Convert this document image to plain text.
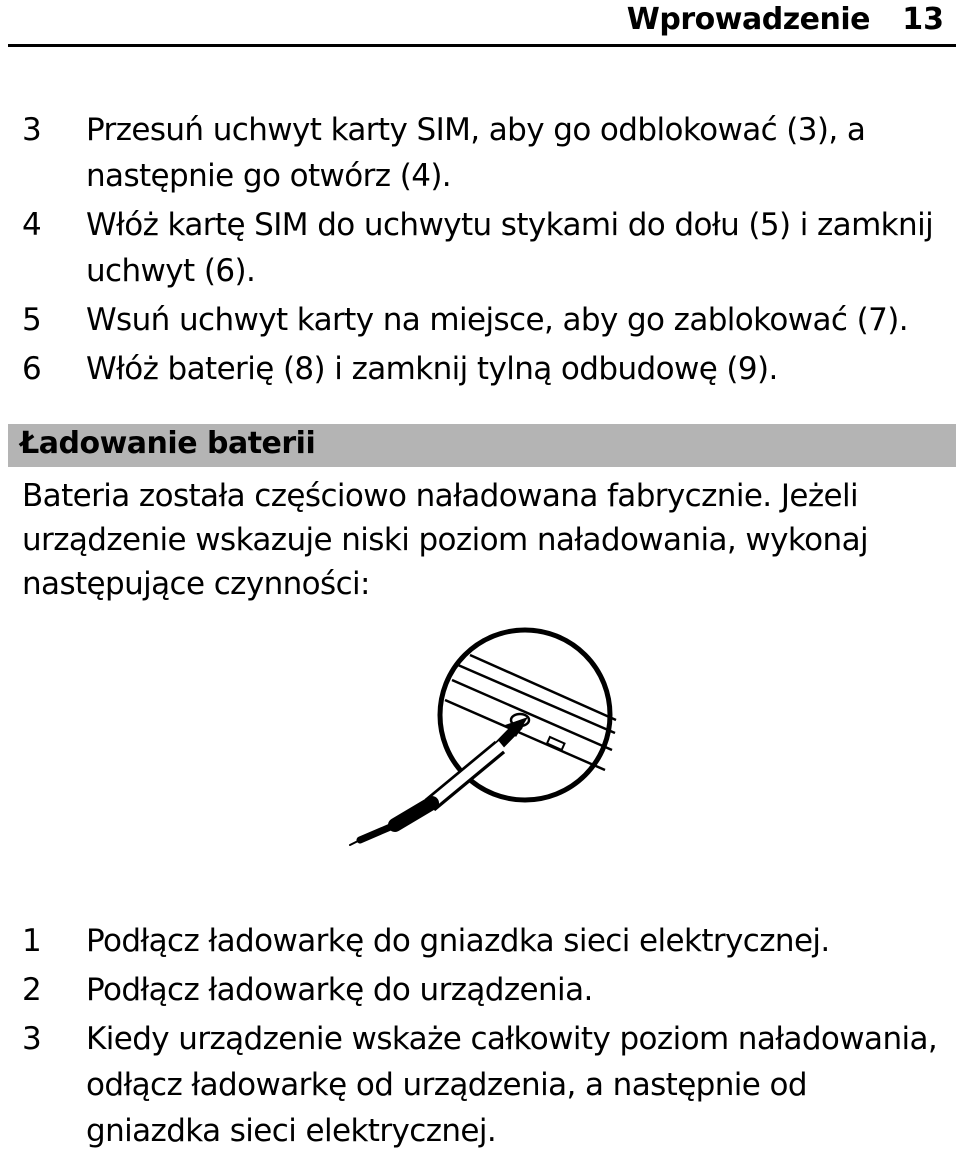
Wprowadzenie 13
3 Przesuń uchwyt karty SIM, aby go odblokować (3), a następnie go otwórz (4).
4 Włóż kartę SIM do uchwytu stykami do dołu (5) i zamknij uchwyt (6).
5 Wsuń uchwyt karty na miejsce, aby go zablokować (7).
6 Włóż baterię (8) i zamknij tylną odbudowę (9).
Ładowanie baterii

Bateria została częściowo naładowana fabrycznie. Jeżeli urządzenie wskazuje niski poziom naładowania, wykonaj następujące czynności:

1 Podłącz ładowarkę do gniazdka sieci elektrycznej.
2 Podłącz ładowarkę do urządzenia.
3 Kiedy urządzenie wskaże całkowity poziom naładowania, odłącz ładowarkę od urządzenia, a następnie od gniazdka sieci elektrycznej.
